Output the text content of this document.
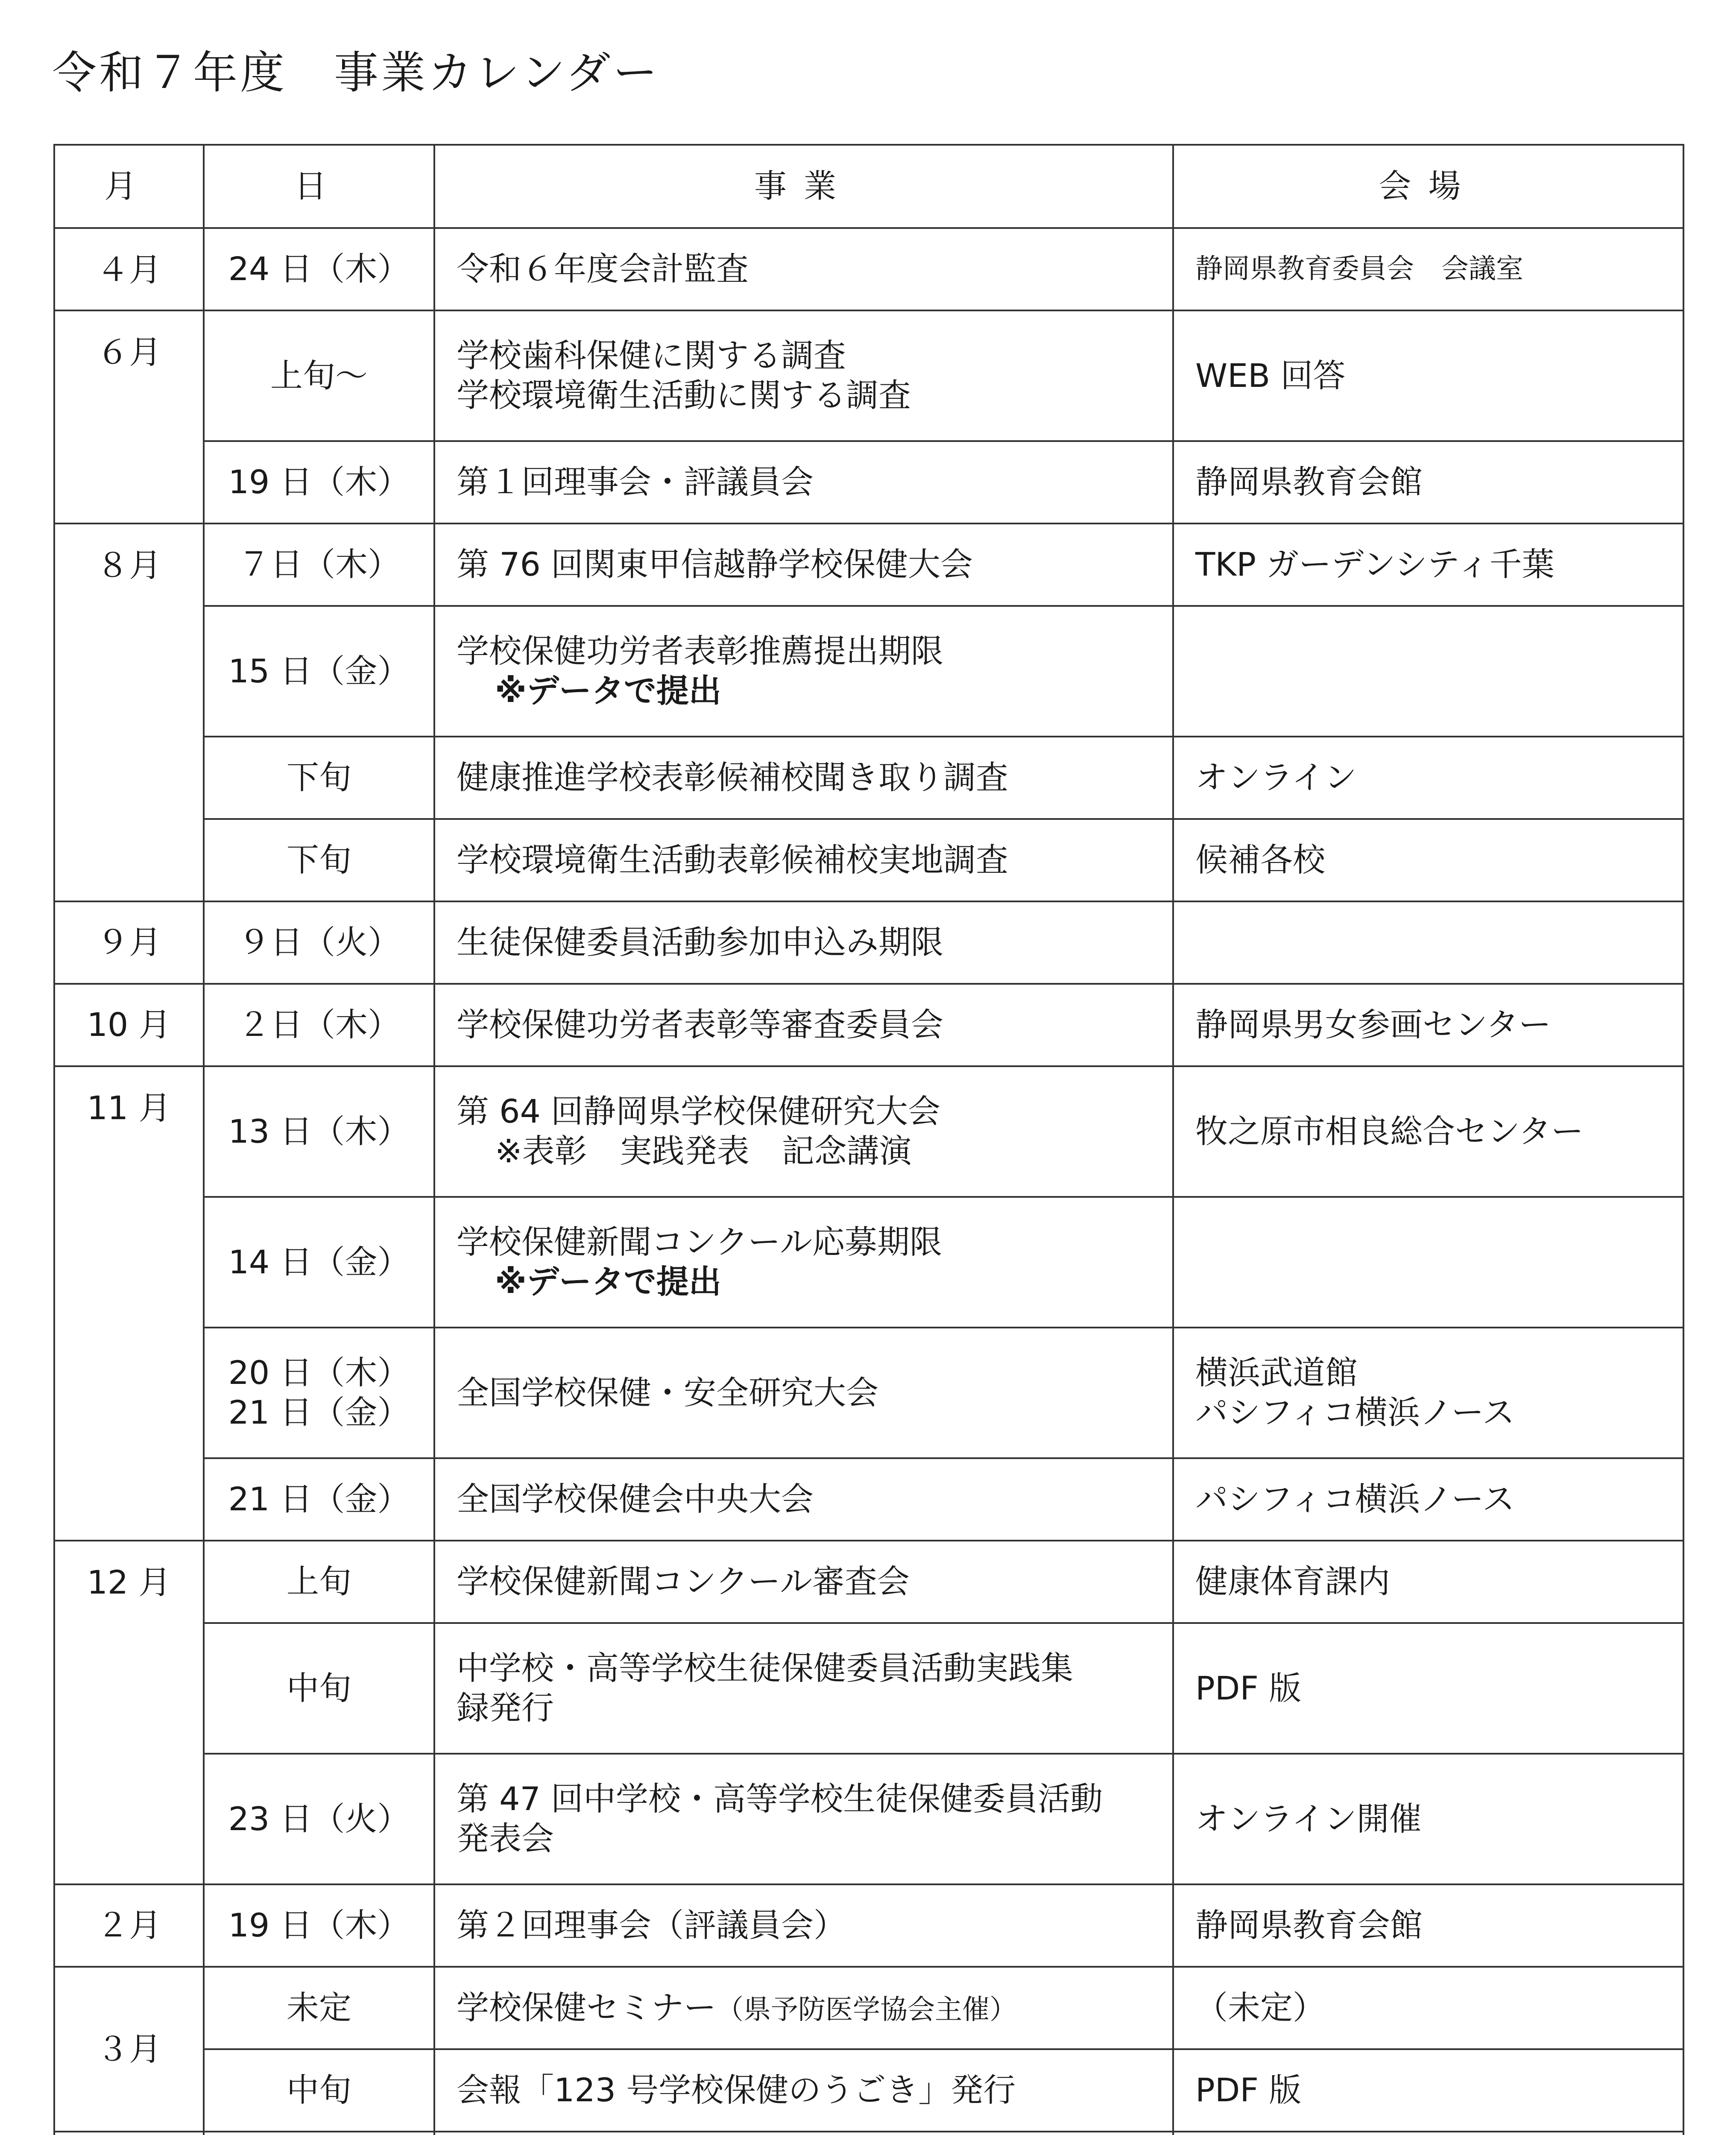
令和７年度　事業カレンダー
月	日	事業	会場
４月	24 日（木）	令和６年度会計監査	静岡県教育委員会　会議室

６月	上旬～	学校歯科保健に関する調査
学校環境衛生活動に関する調査	WEB 回答

	19 日（木）	第１回理事会・評議員会	静岡県教育会館

８月	７日（木）	第 76 回関東甲信越静学校保健大会	TKP ガーデンシティ千葉

	15 日（金）	学校保健功労者表彰推薦提出期限
※データで提出	

	下旬	健康推進学校表彰候補校聞き取り調査	オンライン

	下旬	学校環境衛生活動表彰候補校実地調査	候補各校

９月	９日（火）	生徒保健委員活動参加申込み期限	

10 月	２日（木）	学校保健功労者表彰等審査委員会	静岡県男女参画センター

11 月	13 日（木）	第 64 回静岡県学校保健研究大会
※表彰　実践発表　記念講演	牧之原市相良総合センター

	14 日（金）	学校保健新聞コンクール応募期限
※データで提出	

	20 日（木）
21 日（金）	全国学校保健・安全研究大会	横浜武道館
パシフィコ横浜ノース

	21 日（金）	全国学校保健会中央大会	パシフィコ横浜ノース

12 月	上旬	学校保健新聞コンクール審査会	健康体育課内

	中旬	中学校・高等学校生徒保健委員活動実践集
録発行	PDF 版

	23 日（火）	第 47 回中学校・高等学校生徒保健委員活動
発表会	オンライン開催

２月	19 日（木）	第２回理事会（評議員会）	静岡県教育会館

３月	未定	学校保健セミナー（県予防医学協会主催）	（未定）

	中旬	会報「123 号学校保健のうごき」発行	PDF 版
